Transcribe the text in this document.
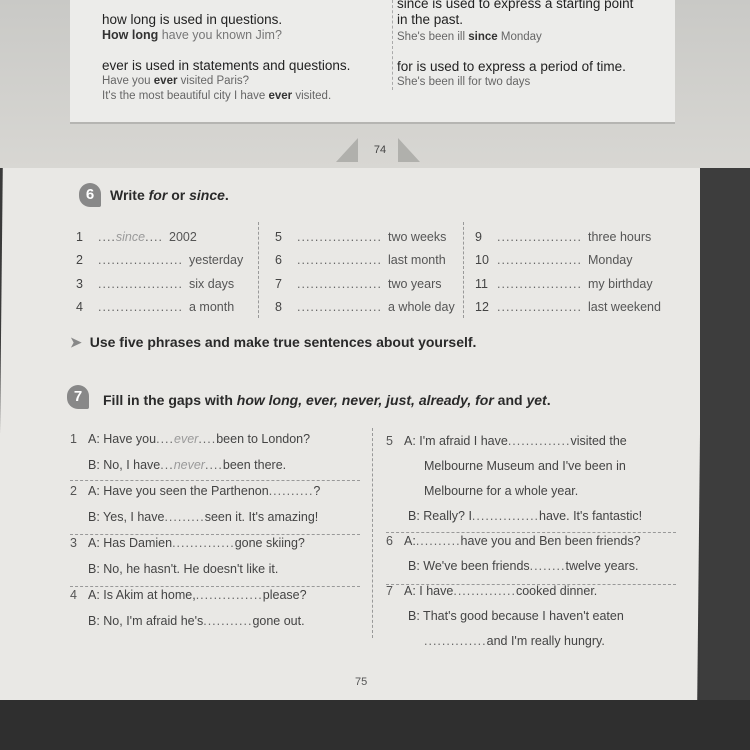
how long is used in questions.
How long have you known Jim?
ever is used in statements and questions.
Have you ever visited Paris?
It's the most beautiful city I have ever visited.
since is used to express a starting point
in the past.
She's been ill since Monday
for is used to express a period of time.
She's been ill for two days
74
6	Write for or since.
1	.... since .... 2002
2	................... yesterday
3	................... six days
4	................... a month
5	................... two weeks
6	................... last month
7	................... two years
8	................... a whole day
9	................... three hours
10 ................... Monday
11 ................... my birthday
12 ................... last weekend
➤ Use five phrases and make true sentences about yourself.
7	Fill in the gaps with how long, ever, never, just, already, for and yet.
1 A: Have you .... ever .... been to London?
B: No, I have ... never .... been there.
2 A: Have you seen the Parthenon .......... ?
B: Yes, I have ......... seen it. It's amazing!
3 A: Has Damien .............. gone skiing?
B: No, he hasn't. He doesn't like it.
4 A: Is Akim at home, ............... please?
B: No, I'm afraid he's ........... gone out.
5 A: I'm afraid I have .............. visited the
Melbourne Museum and I've been in
Melbourne for a whole year.
B: Really? I ............... have. It's fantastic!
6 A: .......... have you and Ben been friends?
B: We've been friends ........ twelve years.
7 A: I have .............. cooked dinner.
B: That's good because I haven't eaten
.............. and I'm really hungry.
75
